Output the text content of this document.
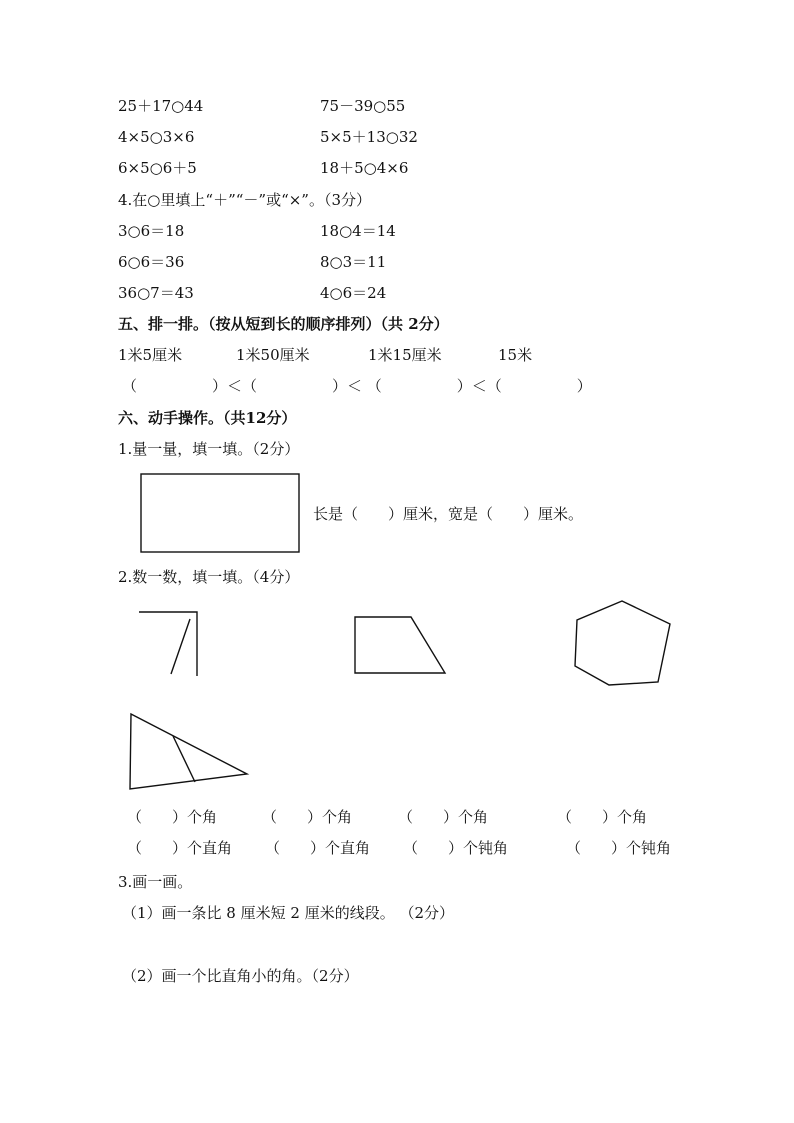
25＋17○44	75－39○55
4×5○3×6	5×5＋13○32
6×5○6＋5	18＋5○4×6
4.在○里填上“＋”“－”或“×”。（3分）
3○6＝18	18○4＝14
6○6＝36	8○3＝11
36○7＝43	4○6＝24
五、排一排。（按从短到长的顺序排列）（共 2分）
1米5厘米	1米50厘米	1米15厘米	15米
（　　　　　）＜（　　　　　）＜ （　　　　　）＜（　　　　　）
六、动手操作。（共12分）
1.量一量，填一填。（2分）
长是（　　）厘米，宽是（　　）厘米。
2.数一数，填一填。（4分）
（　　）个角	（　　）个角	（　　）个角	（　　）个角
（　　）个直角 （　　）个直角 （　　）个钝角	（　　）个钝角
3.画一画。
（1）画一条比 8 厘米短 2 厘米的线段。 （2分）
（2）画一个比直角小的角。（2分）
